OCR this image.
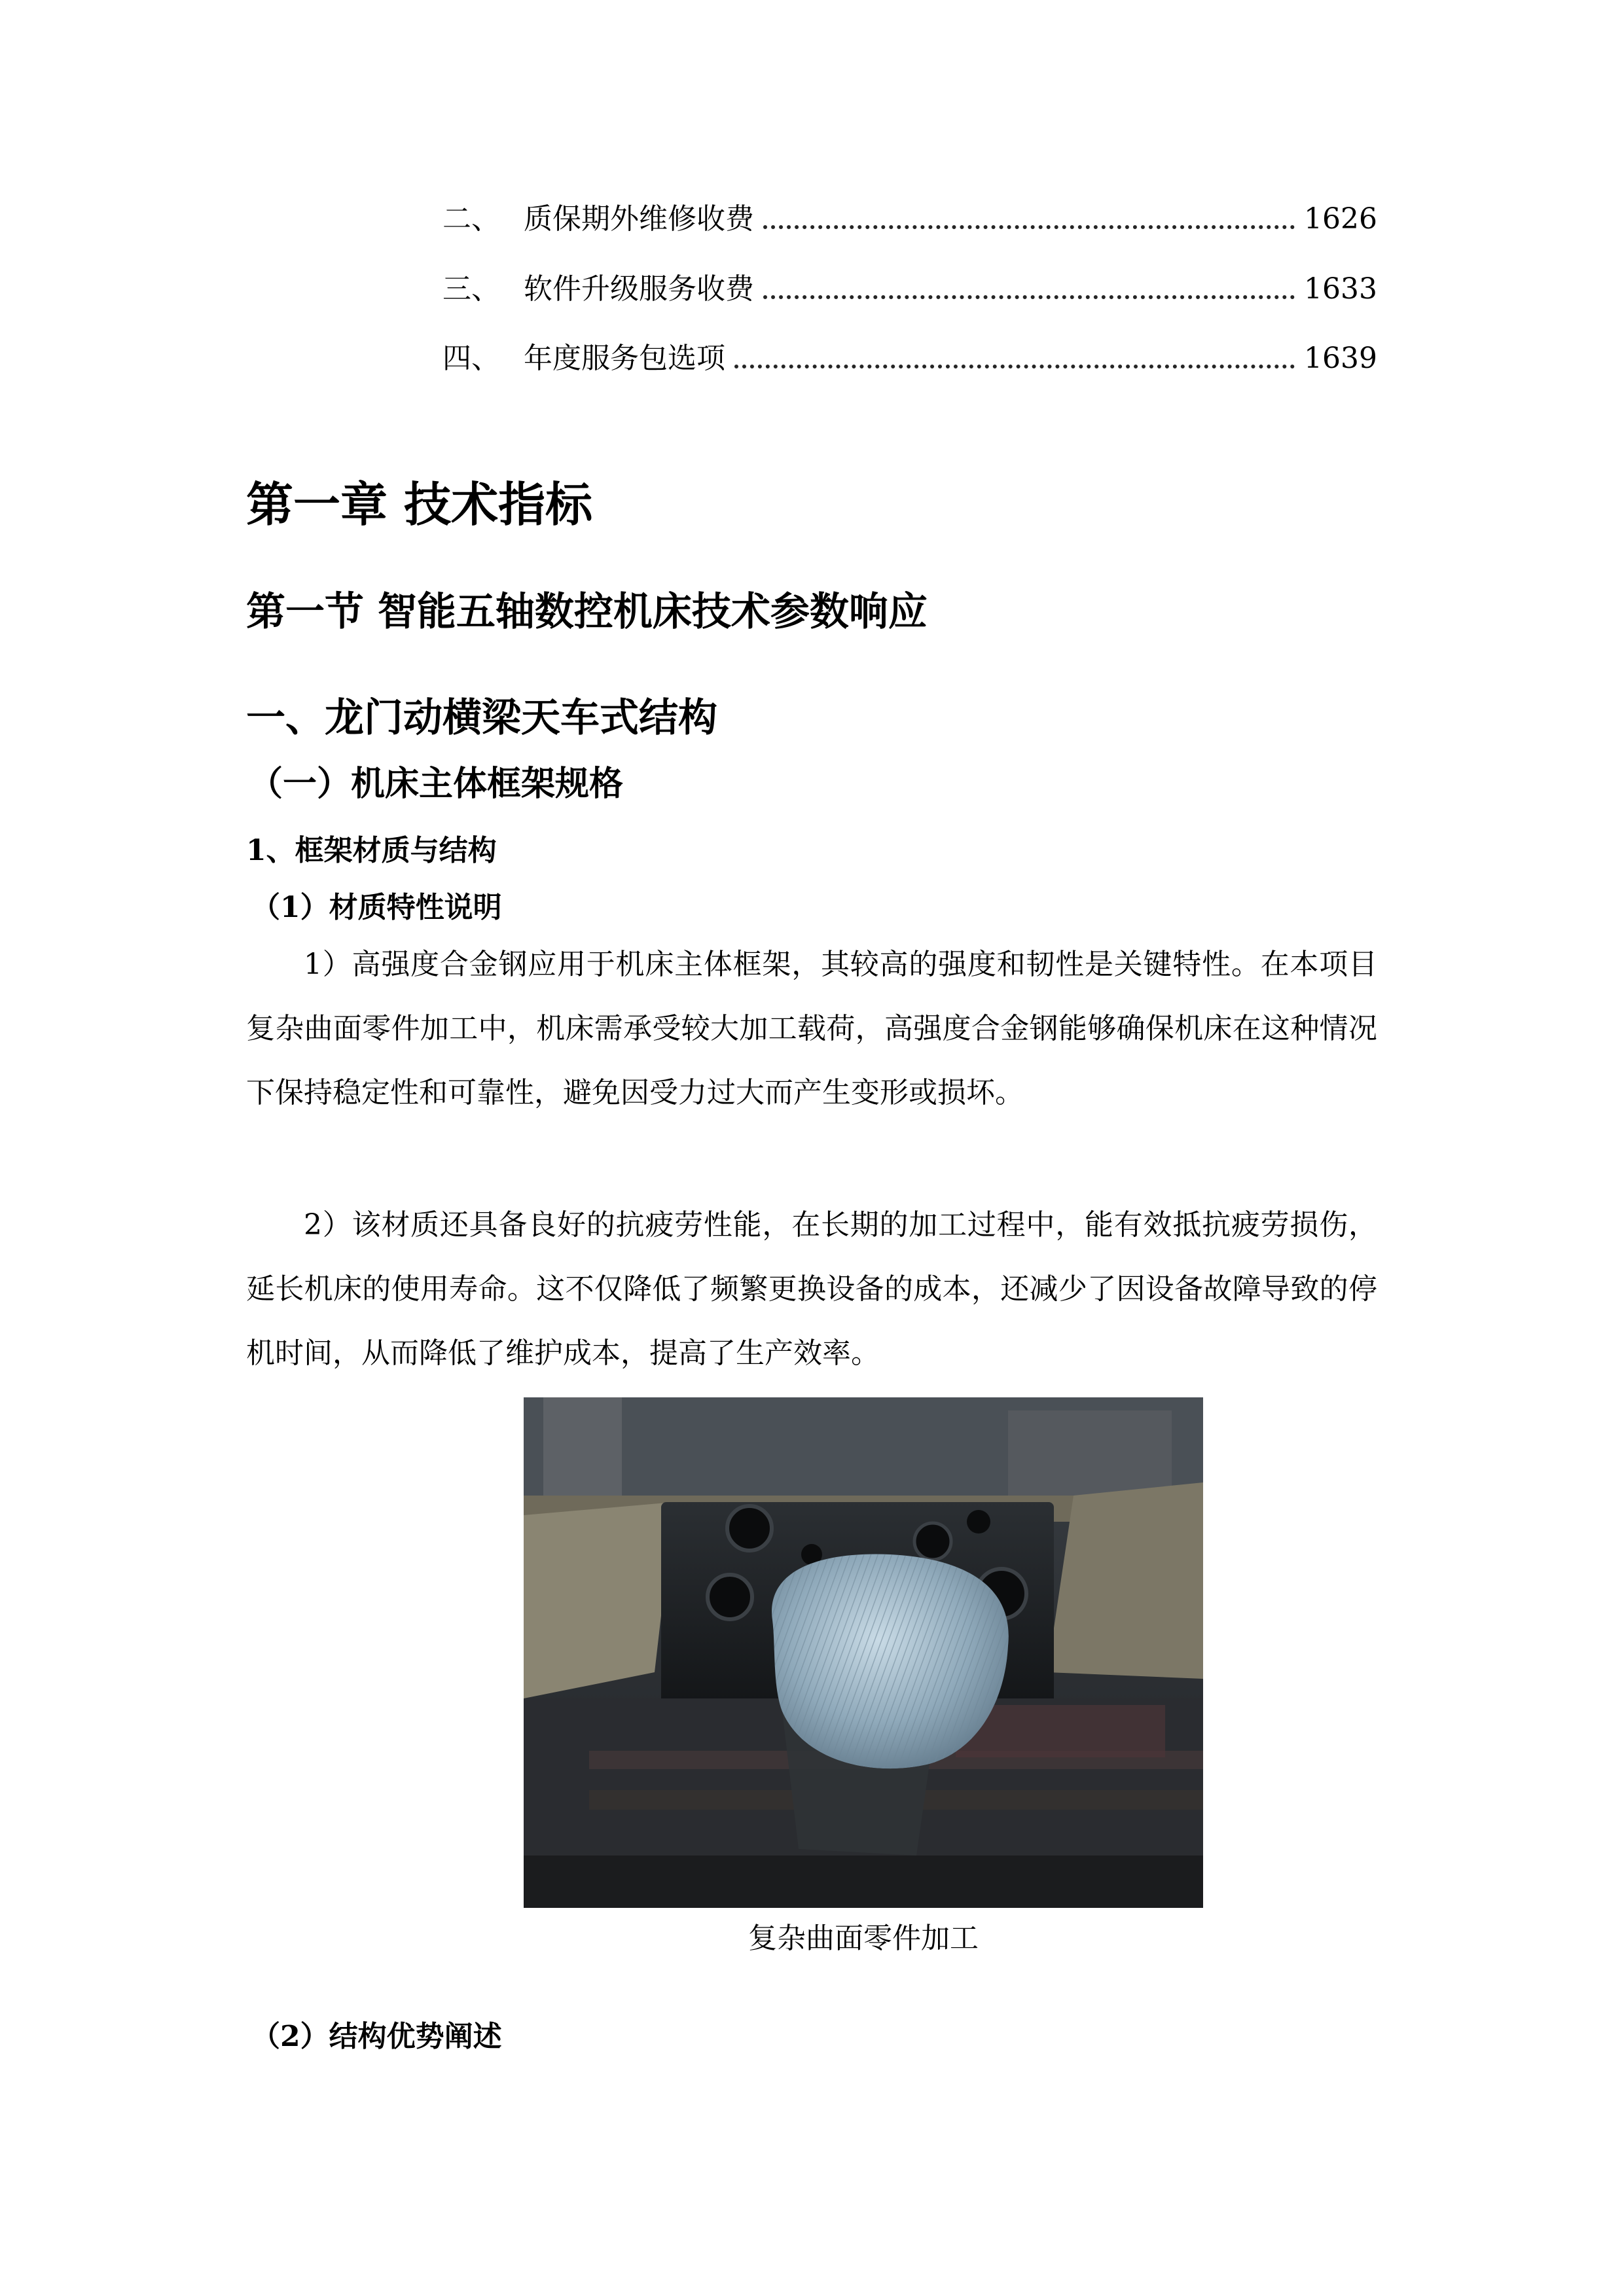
二、 质保期外维修收费	1626
三、 软件升级服务收费	1633
四、 年度服务包选项	1639
第一章 技术指标
第一节 智能五轴数控机床技术参数响应
一、龙门动横梁天车式结构
（一）机床主体框架规格
1、框架材质与结构
（1）材质特性说明

1）高强度合金钢应用于机床主体框架，其较高的强度和韧性是关键特性。在本项目复杂曲面零件加工中，机床需承受较大加工载荷，高强度合金钢能够确保机床在这种情况下保持稳定性和可靠性，避免因受力过大而产生变形或损坏。

2）该材质还具备良好的抗疲劳性能，在长期的加工过程中，能有效抵抗疲劳损伤，延长机床的使用寿命。这不仅降低了频繁更换设备的成本，还减少了因设备故障导致的停机时间，从而降低了维护成本，提高了生产效率。

复杂曲面零件加工

（2）结构优势阐述
